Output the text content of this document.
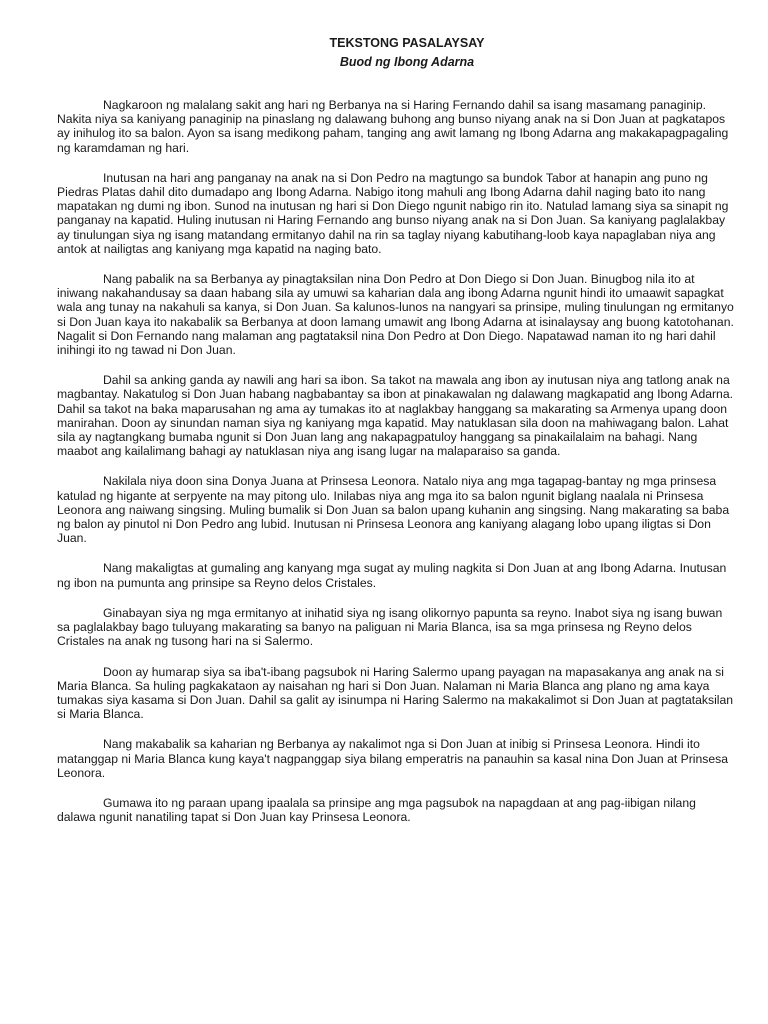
TEKSTONG PASALAYSAY
Buod ng Ibong Adarna

Nagkaroon ng malalang sakit ang hari ng Berbanya na si Haring Fernando dahil sa isang masamang panaginip. Nakita niya sa kaniyang panaginip na pinaslang ng dalawang buhong ang bunso niyang anak na si Don Juan at pagkatapos ay inihulog ito sa balon. Ayon sa isang medikong paham, tanging ang awit lamang ng Ibong Adarna ang makakapagpagaling ng karamdaman ng hari.

Inutusan na hari ang panganay na anak na si Don Pedro na magtungo sa bundok Tabor at hanapin ang puno ng Piedras Platas dahil dito dumadapo ang Ibong Adarna. Nabigo itong mahuli ang Ibong Adarna dahil naging bato ito nang mapatakan ng dumi ng ibon. Sunod na inutusan ng hari si Don Diego ngunit nabigo rin ito. Natulad lamang siya sa sinapit ng panganay na kapatid. Huling inutusan ni Haring Fernando ang bunso niyang anak na si Don Juan. Sa kaniyang paglalakbay ay tinulungan siya ng isang matandang ermitanyo dahil na rin sa taglay niyang kabutihang-loob kaya napaglaban niya ang antok at nailigtas ang kaniyang mga kapatid na naging bato.

Nang pabalik na sa Berbanya ay pinagtaksilan nina Don Pedro at Don Diego si Don Juan. Binugbog nila ito at iniwang nakahandusay sa daan habang sila ay umuwi sa kaharian dala ang ibong Adarna ngunit hindi ito umaawit sapagkat wala ang tunay na nakahuli sa kanya, si Don Juan. Sa kalunos-lunos na nangyari sa prinsipe, muling tinulungan ng ermitanyo si Don Juan kaya ito nakabalik sa Berbanya at doon lamang umawit ang Ibong Adarna at isinalaysay ang buong katotohanan. Nagalit si Don Fernando nang malaman ang pagtataksil nina Don Pedro at Don Diego. Napatawad naman ito ng hari dahil inihingi ito ng tawad ni Don Juan.

Dahil sa anking ganda ay nawili ang hari sa ibon. Sa takot na mawala ang ibon ay inutusan niya ang tatlong anak na magbantay. Nakatulog si Don Juan habang nagbabantay sa ibon at pinakawalan ng dalawang magkapatid ang Ibong Adarna. Dahil sa takot na baka maparusahan ng ama ay tumakas ito at naglakbay hanggang sa makarating sa Armenya upang doon manirahan. Doon ay sinundan naman siya ng kaniyang mga kapatid. May natuklasan sila doon na mahiwagang balon. Lahat sila ay nagtangkang bumaba ngunit si Don Juan lang ang nakapagpatuloy hanggang sa pinakailalaim na bahagi. Nang maabot ang kailalimang bahagi ay natuklasan niya ang isang lugar na malaparaiso sa ganda.

Nakilala niya doon sina Donya Juana at Prinsesa Leonora. Natalo niya ang mga tagapag-bantay ng mga prinsesa katulad ng higante at serpyente na may pitong ulo. Inilabas niya ang mga ito sa balon ngunit biglang naalala ni Prinsesa Leonora ang naiwang singsing. Muling bumalik si Don Juan sa balon upang kuhanin ang singsing. Nang makarating sa baba ng balon ay pinutol ni Don Pedro ang lubid. Inutusan ni Prinsesa Leonora ang kaniyang alagang lobo upang iligtas si Don Juan.

Nang makaligtas at gumaling ang kanyang mga sugat ay muling nagkita si Don Juan at ang Ibong Adarna. Inutusan ng ibon na pumunta ang prinsipe sa Reyno delos Cristales.

Ginabayan siya ng mga ermitanyo at inihatid siya ng isang olikornyo papunta sa reyno. Inabot siya ng isang buwan sa paglalakbay bago tuluyang makarating sa banyo na paliguan ni Maria Blanca, isa sa mga prinsesa ng Reyno delos Cristales na anak ng tusong hari na si Salermo.

Doon ay humarap siya sa iba't-ibang pagsubok ni Haring Salermo upang payagan na mapasakanya ang anak na si Maria Blanca. Sa huling pagkakataon ay naisahan ng hari si Don Juan. Nalaman ni Maria Blanca ang plano ng ama kaya tumakas siya kasama si Don Juan. Dahil sa galit ay isinumpa ni Haring Salermo na makakalimot si Don Juan at pagtataksilan si Maria Blanca.

Nang makabalik sa kaharian ng Berbanya ay nakalimot nga si Don Juan at inibig si Prinsesa Leonora. Hindi ito matanggap ni Maria Blanca kung kaya't nagpanggap siya bilang emperatris na panauhin sa kasal nina Don Juan at Prinsesa Leonora.

Gumawa ito ng paraan upang ipaalala sa prinsipe ang mga pagsubok na napagdaan at ang pag-iibigan nilang dalawa ngunit nanatiling tapat si Don Juan kay Prinsesa Leonora.
